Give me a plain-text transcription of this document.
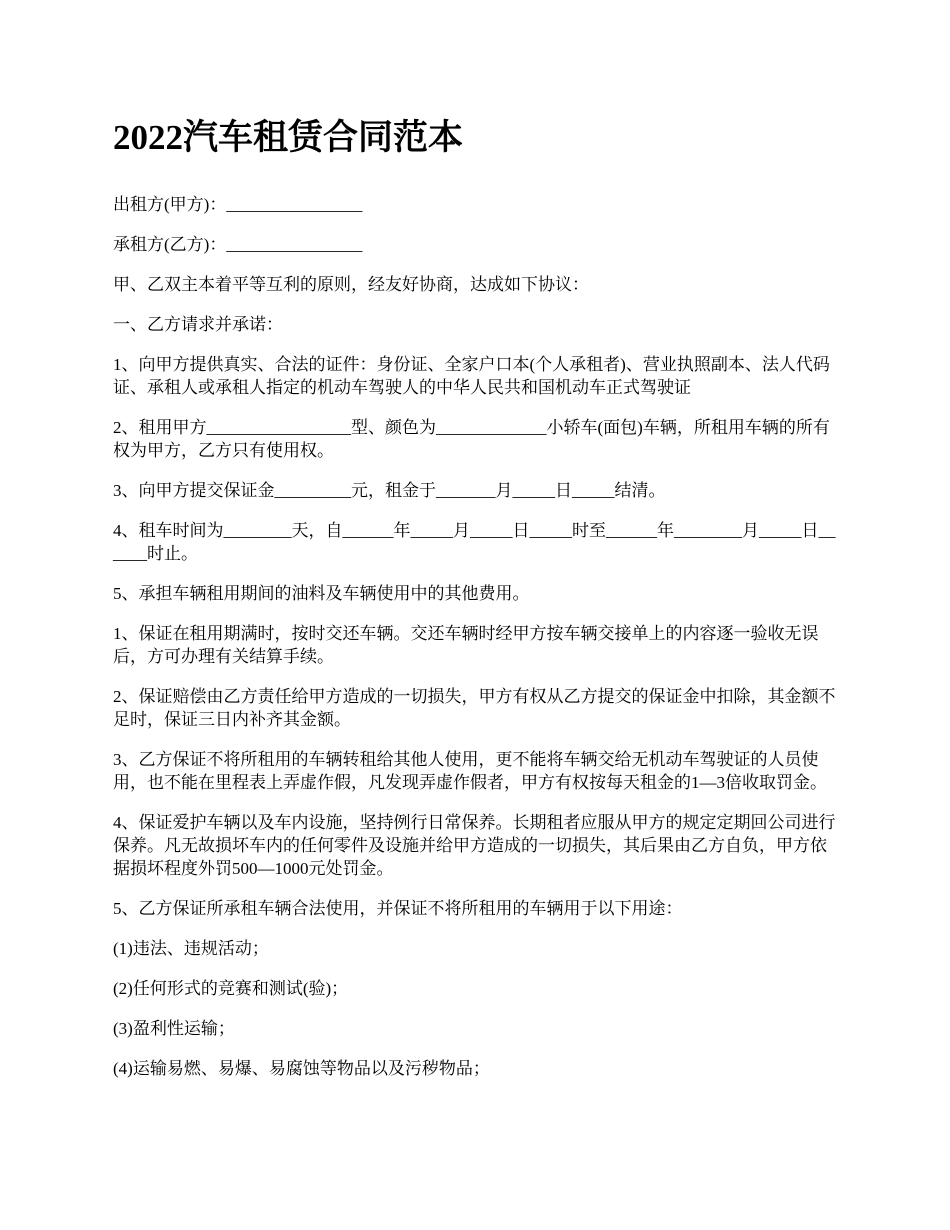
2022汽车租赁合同范本

出租方(甲方)：________________

承租方(乙方)：________________

甲、乙双主本着平等互利的原则，经友好协商，达成如下协议：

一、乙方请求并承诺：

1、向甲方提供真实、合法的证件：身份证、全家户口本(个人承租者)、营业执照副本、法人代码证、承租人或承租人指定的机动车驾驶人的中华人民共和国机动车正式驾驶证

2、租用甲方_________________型、颜色为_____________小轿车(面包)车辆，所租用车辆的所有权为甲方，乙方只有使用权。

3、向甲方提交保证金_________元，租金于_______月_____日_____结清。

4、租车时间为________天，自______年_____月_____日_____时至______年________月_____日______时止。

5、承担车辆租用期间的油料及车辆使用中的其他费用。

1、保证在租用期满时，按时交还车辆。交还车辆时经甲方按车辆交接单上的内容逐一验收无误后，方可办理有关结算手续。

2、保证赔偿由乙方责任给甲方造成的一切损失，甲方有权从乙方提交的保证金中扣除，其金额不足时，保证三日内补齐其金额。

3、乙方保证不将所租用的车辆转租给其他人使用，更不能将车辆交给无机动车驾驶证的人员使用，也不能在里程表上弄虚作假，凡发现弄虚作假者，甲方有权按每天租金的1—3倍收取罚金。

4、保证爱护车辆以及车内设施，坚持例行日常保养。长期租者应服从甲方的规定定期回公司进行保养。凡无故损坏车内的任何零件及设施并给甲方造成的一切损失，其后果由乙方自负，甲方依据损坏程度外罚500—1000元处罚金。

5、乙方保证所承租车辆合法使用，并保证不将所租用的车辆用于以下用途：

(1)违法、违规活动；

(2)任何形式的竞赛和测试(验)；

(3)盈利性运输；

(4)运输易燃、易爆、易腐蚀等物品以及污秽物品；
